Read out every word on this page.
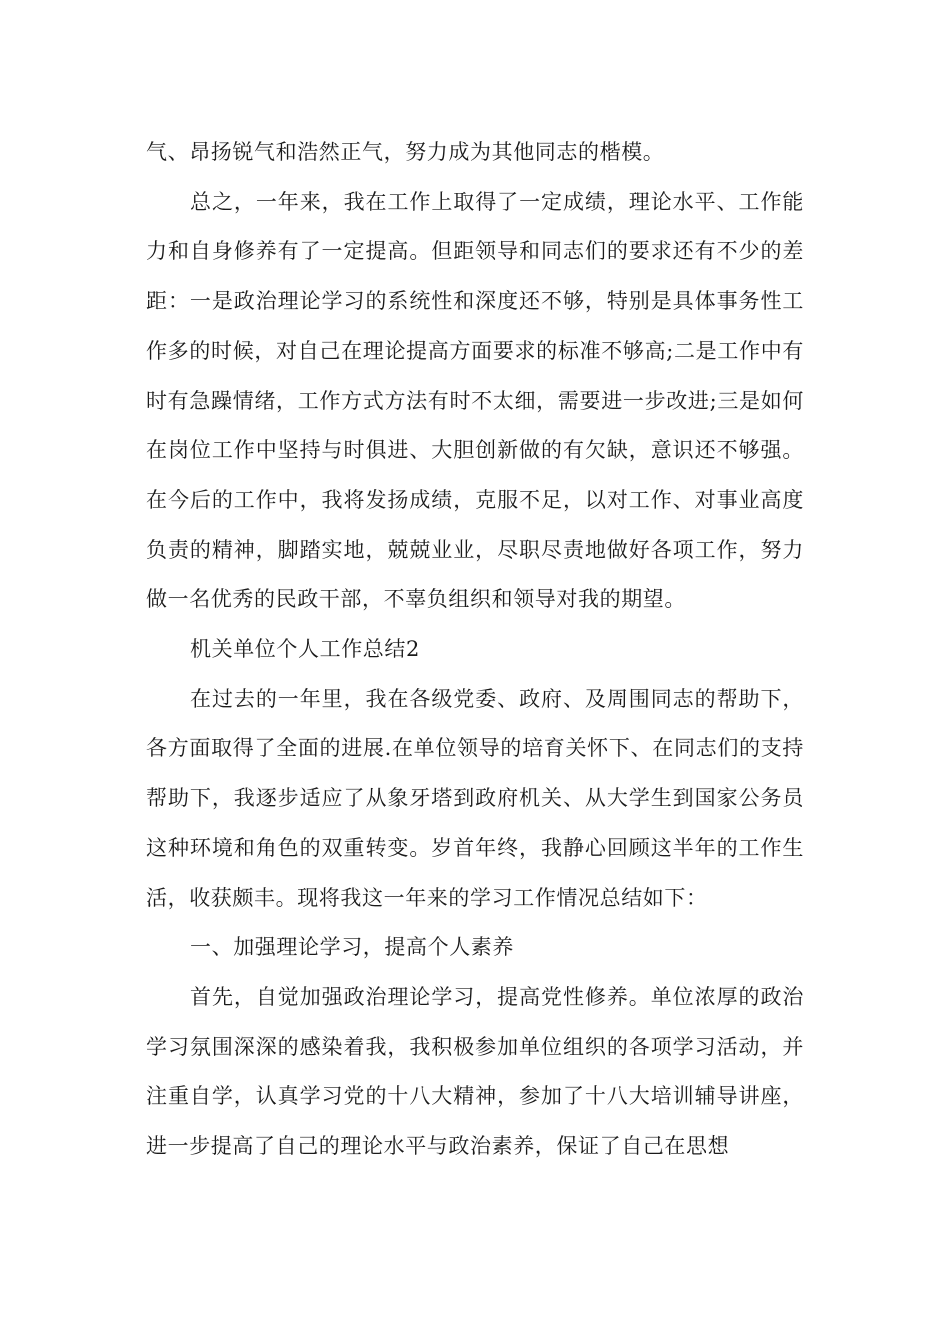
气、昂扬锐气和浩然正气，努力成为其他同志的楷模。

总之，一年来，我在工作上取得了一定成绩，理论水平、工作能力和自身修养有了一定提高。但距领导和同志们的要求还有不少的差距：一是政治理论学习的系统性和深度还不够，特别是具体事务性工作多的时候，对自己在理论提高方面要求的标准不够高;二是工作中有时有急躁情绪，工作方式方法有时不太细，需要进一步改进;三是如何在岗位工作中坚持与时俱进、大胆创新做的有欠缺，意识还不够强。在今后的工作中，我将发扬成绩，克服不足，以对工作、对事业高度负责的精神，脚踏实地，兢兢业业，尽职尽责地做好各项工作，努力做一名优秀的民政干部，不辜负组织和领导对我的期望。

机关单位个人工作总结2

在过去的一年里，我在各级党委、政府、及周围同志的帮助下，各方面取得了全面的进展.在单位领导的培育关怀下、在同志们的支持帮助下，我逐步适应了从象牙塔到政府机关、从大学生到国家公务员这种环境和角色的双重转变。岁首年终，我静心回顾这半年的工作生活，收获颇丰。现将我这一年来的学习工作情况总结如下：

一、加强理论学习，提高个人素养

首先，自觉加强政治理论学习，提高党性修养。单位浓厚的政治学习氛围深深的感染着我，我积极参加单位组织的各项学习活动，并注重自学，认真学习党的十八大精神，参加了十八大培训辅导讲座，进一步提高了自己的理论水平与政治素养，保证了自己在思想
